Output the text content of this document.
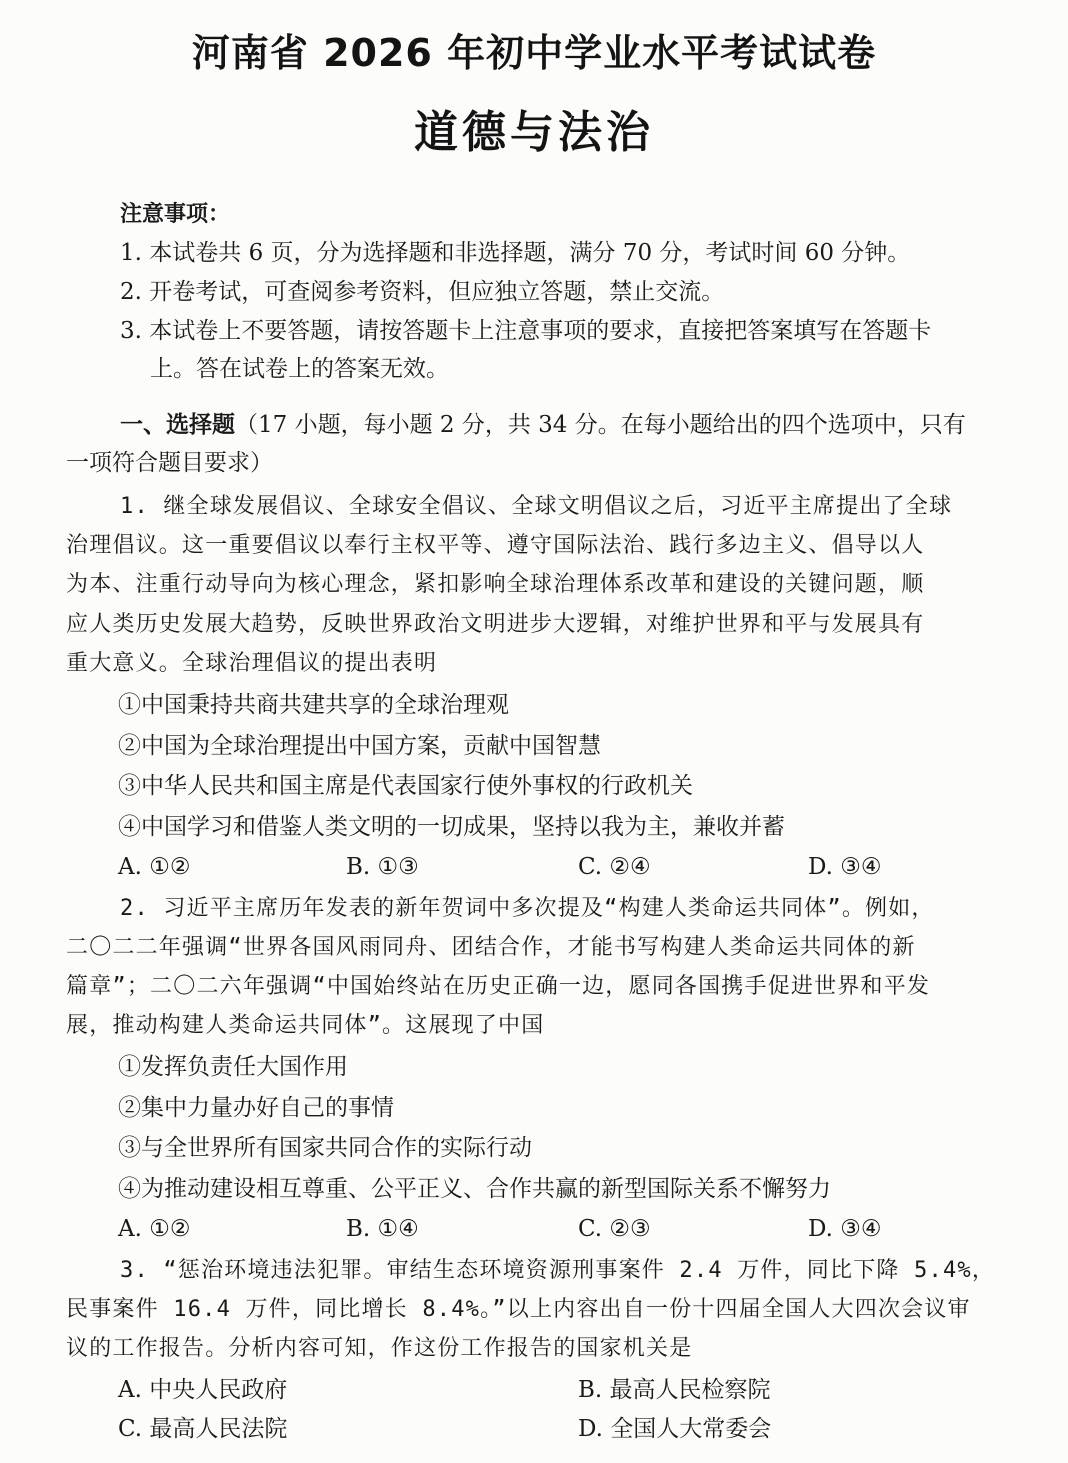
河南省 2026 年初中学业水平考试试卷
道德与法治
注意事项：
1. 本试卷共 6 页，分为选择题和非选择题，满分 70 分，考试时间 60 分钟。
2. 开卷考试，可查阅参考资料，但应独立答题，禁止交流。
3. 本试卷上不要答题，请按答题卡上注意事项的要求，直接把答案填写在答题卡
上。答在试卷上的答案无效。
一、选择题（17 小题，每小题 2 分，共 34 分。在每小题给出的四个选项中，只有
一项符合题目要求）
1. 继全球发展倡议、全球安全倡议、全球文明倡议之后，习近平主席提出了全球
治理倡议。这一重要倡议以奉行主权平等、遵守国际法治、践行多边主义、倡导以人
为本、注重行动导向为核心理念，紧扣影响全球治理体系改革和建设的关键问题，顺
应人类历史发展大趋势，反映世界政治文明进步大逻辑，对维护世界和平与发展具有
重大意义。全球治理倡议的提出表明
①中国秉持共商共建共享的全球治理观
②中国为全球治理提出中国方案，贡献中国智慧
③中华人民共和国主席是代表国家行使外事权的行政机关
④中国学习和借鉴人类文明的一切成果，坚持以我为主，兼收并蓄
A. ①②	B. ①③	C. ②④	D. ③④
2. 习近平主席历年发表的新年贺词中多次提及“构建人类命运共同体”。例如，
二〇二二年强调“世界各国风雨同舟、团结合作，才能书写构建人类命运共同体的新
篇章”；二〇二六年强调“中国始终站在历史正确一边，愿同各国携手促进世界和平发
展，推动构建人类命运共同体”。这展现了中国
①发挥负责任大国作用
②集中力量办好自己的事情
③与全世界所有国家共同合作的实际行动
④为推动建设相互尊重、公平正义、合作共赢的新型国际关系不懈努力
A. ①②	B. ①④	C. ②③	D. ③④
3. “惩治环境违法犯罪。审结生态环境资源刑事案件 2.4 万件，同比下降 5.4%，
民事案件 16.4 万件，同比增长 8.4%。”以上内容出自一份十四届全国人大四次会议审
议的工作报告。分析内容可知，作这份工作报告的国家机关是
A. 中央人民政府	B. 最高人民检察院
C. 最高人民法院	D. 全国人大常委会
